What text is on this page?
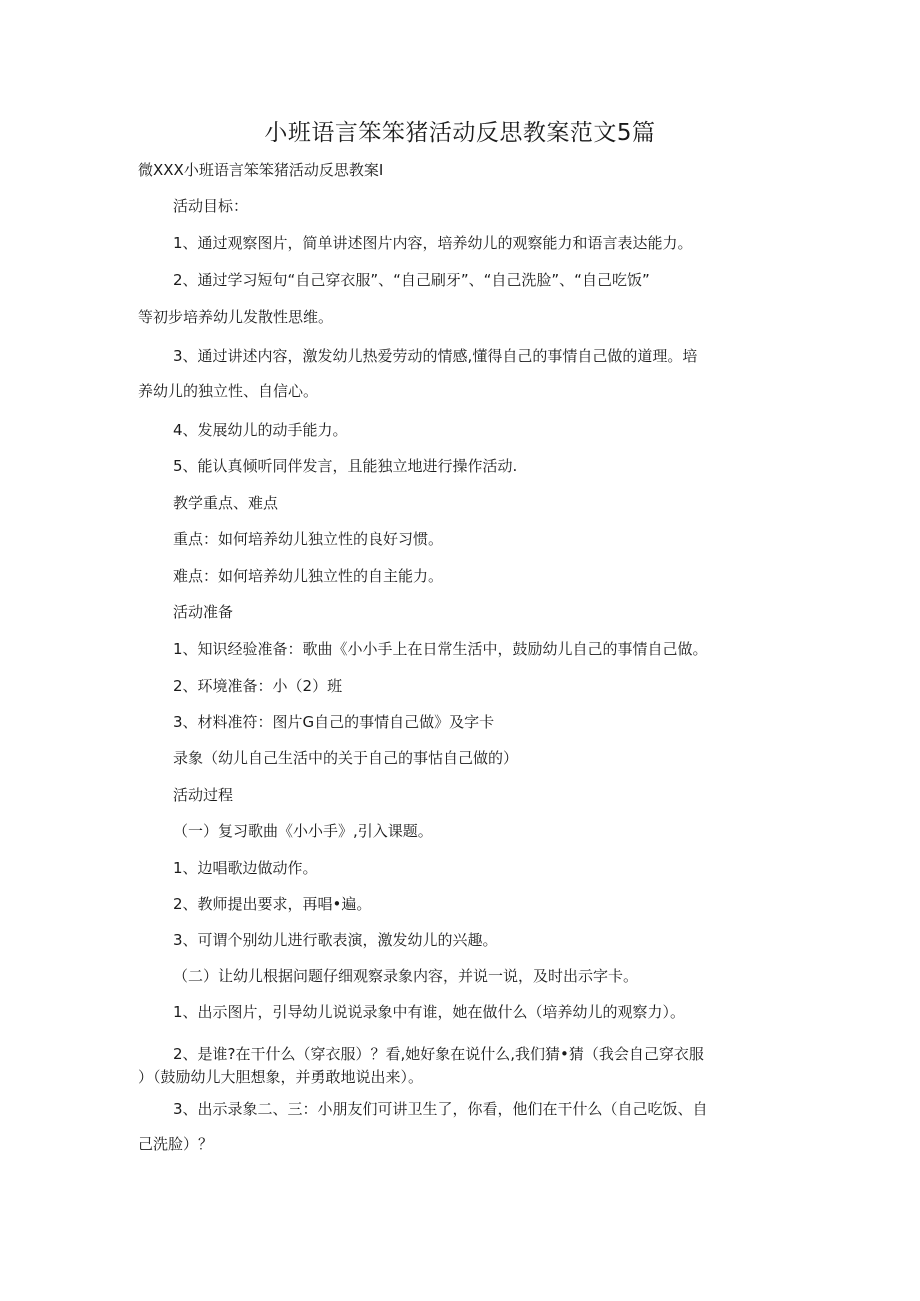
小班语言笨笨猪活动反思教案范文5篇

微XXX小班语言笨笨猪活动反思教案I

活动目标：

1、通过观察图片，简单讲述图片内容，培养幼儿的观察能力和语言表达能力。

2、通过学习短句“自己穿衣服”、“自己刷牙”、“自己洗脸”、“自己吃饭”

等初步培养幼儿发散性思维。

3、通过讲述内容，激发幼儿热爱劳动的情感,懂得自己的事情自己做的道理。培

养幼儿的独立性、自信心。

4、发展幼儿的动手能力。

5、能认真倾听同伴发言，且能独立地进行操作活动.

教学重点、难点

重点：如何培养幼儿独立性的良好习惯。

难点：如何培养幼儿独立性的自主能力。

活动准备

1、知识经验准备：歌曲《小小手上在日常生活中，鼓励幼儿自己的事情自己做。

2、环境准备：小（2）班

3、材料准符：图片G自己的事情自己做》及字卡

录象（幼儿自己生活中的关于自己的事怙自己做的）

活动过程

（一）复习歌曲《小小手》,引入课题。

1、边唱歌边做动作。

2、教师提出要求，再唱•遍。

3、可谓个别幼儿进行歌表演，激发幼儿的兴趣。

（二）让幼儿根据问题仔细观察录象内容，并说一说，及时出示字卡。

1、出示图片，引导幼儿说说录象中有谁，她在做什么（培养幼儿的观察力）。

2、是谁?在干什么（穿衣服）？看,她好象在说什么,我们猜•猜（我会自己穿衣服

）（鼓励幼儿大胆想象，并勇敢地说出来）。

3、出示录象二、三：小朋友们可讲卫生了，你看，他们在干什么（自己吃饭、自

己洗脸）？
